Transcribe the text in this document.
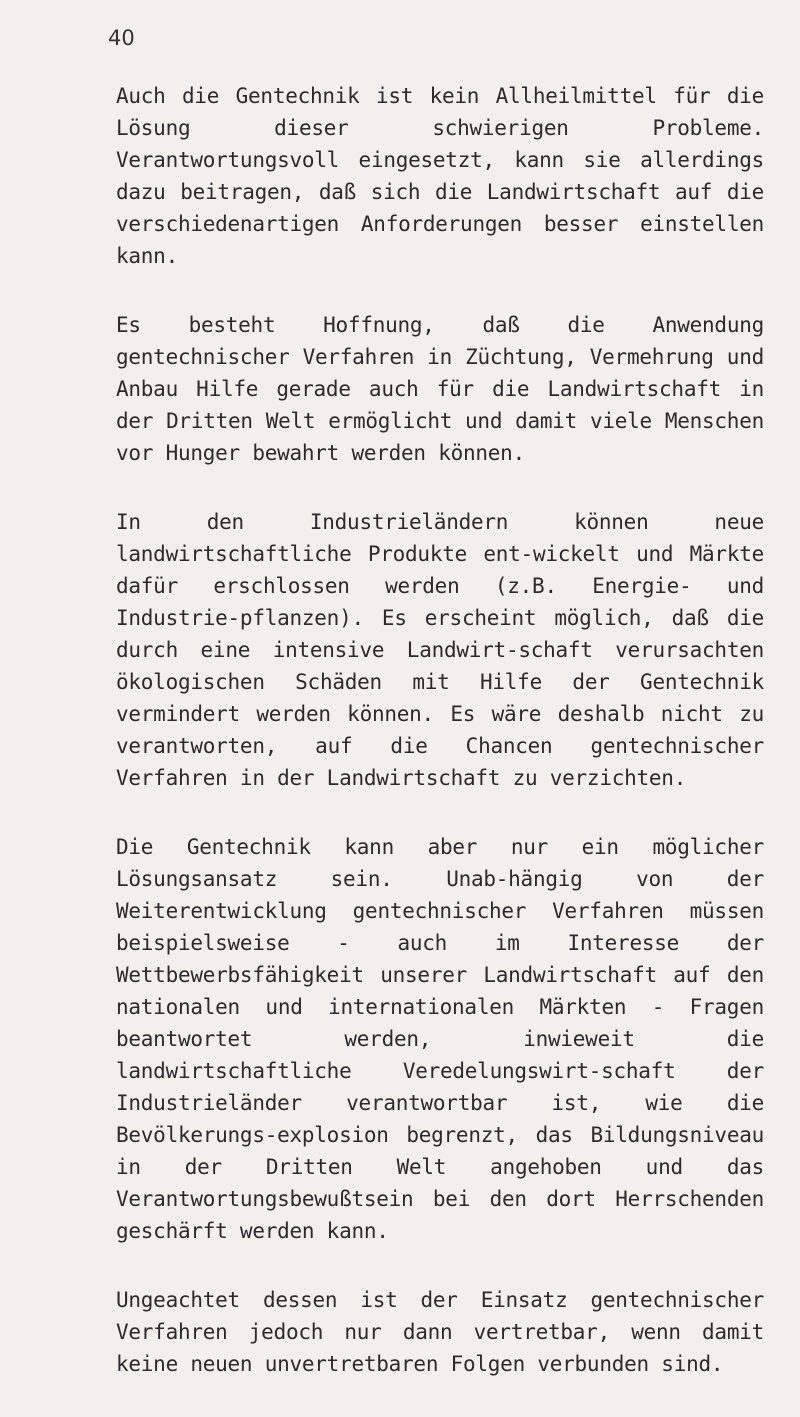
40

Auch die Gentechnik ist kein Allheilmittel für die Lösung dieser schwierigen Probleme. Verantwortungsvoll eingesetzt, kann sie allerdings dazu beitragen, daß sich die Landwirtschaft auf die verschiedenartigen Anforderungen besser einstellen kann.

Es besteht Hoffnung, daß die Anwendung gentechnischer Verfahren in Züchtung, Vermehrung und Anbau Hilfe gerade auch für die Landwirtschaft in der Dritten Welt ermöglicht und damit viele Menschen vor Hunger bewahrt werden können.

In den Industrieländern können neue landwirtschaftliche Produkte ent-wickelt und Märkte dafür erschlossen werden (z.B. Energie- und Industrie-pflanzen). Es erscheint möglich, daß die durch eine intensive Landwirt-schaft verursachten ökologischen Schäden mit Hilfe der Gentechnik vermindert werden können. Es wäre deshalb nicht zu verantworten, auf die Chancen gentechnischer Verfahren in der Landwirtschaft zu verzichten.

Die Gentechnik kann aber nur ein möglicher Lösungsansatz sein. Unab-hängig von der Weiterentwicklung gentechnischer Verfahren müssen beispielsweise - auch im Interesse der Wettbewerbsfähigkeit unserer Landwirtschaft auf den nationalen und internationalen Märkten - Fragen beantwortet werden, inwieweit die landwirtschaftliche Veredelungswirt-schaft der Industrieländer verantwortbar ist, wie die Bevölkerungs-explosion begrenzt, das Bildungsniveau in der Dritten Welt angehoben und das Verantwortungsbewußtsein bei den dort Herrschenden geschärft werden kann.

Ungeachtet dessen ist der Einsatz gentechnischer Verfahren jedoch nur dann vertretbar, wenn damit keine neuen unvertretbaren Folgen verbunden sind.
